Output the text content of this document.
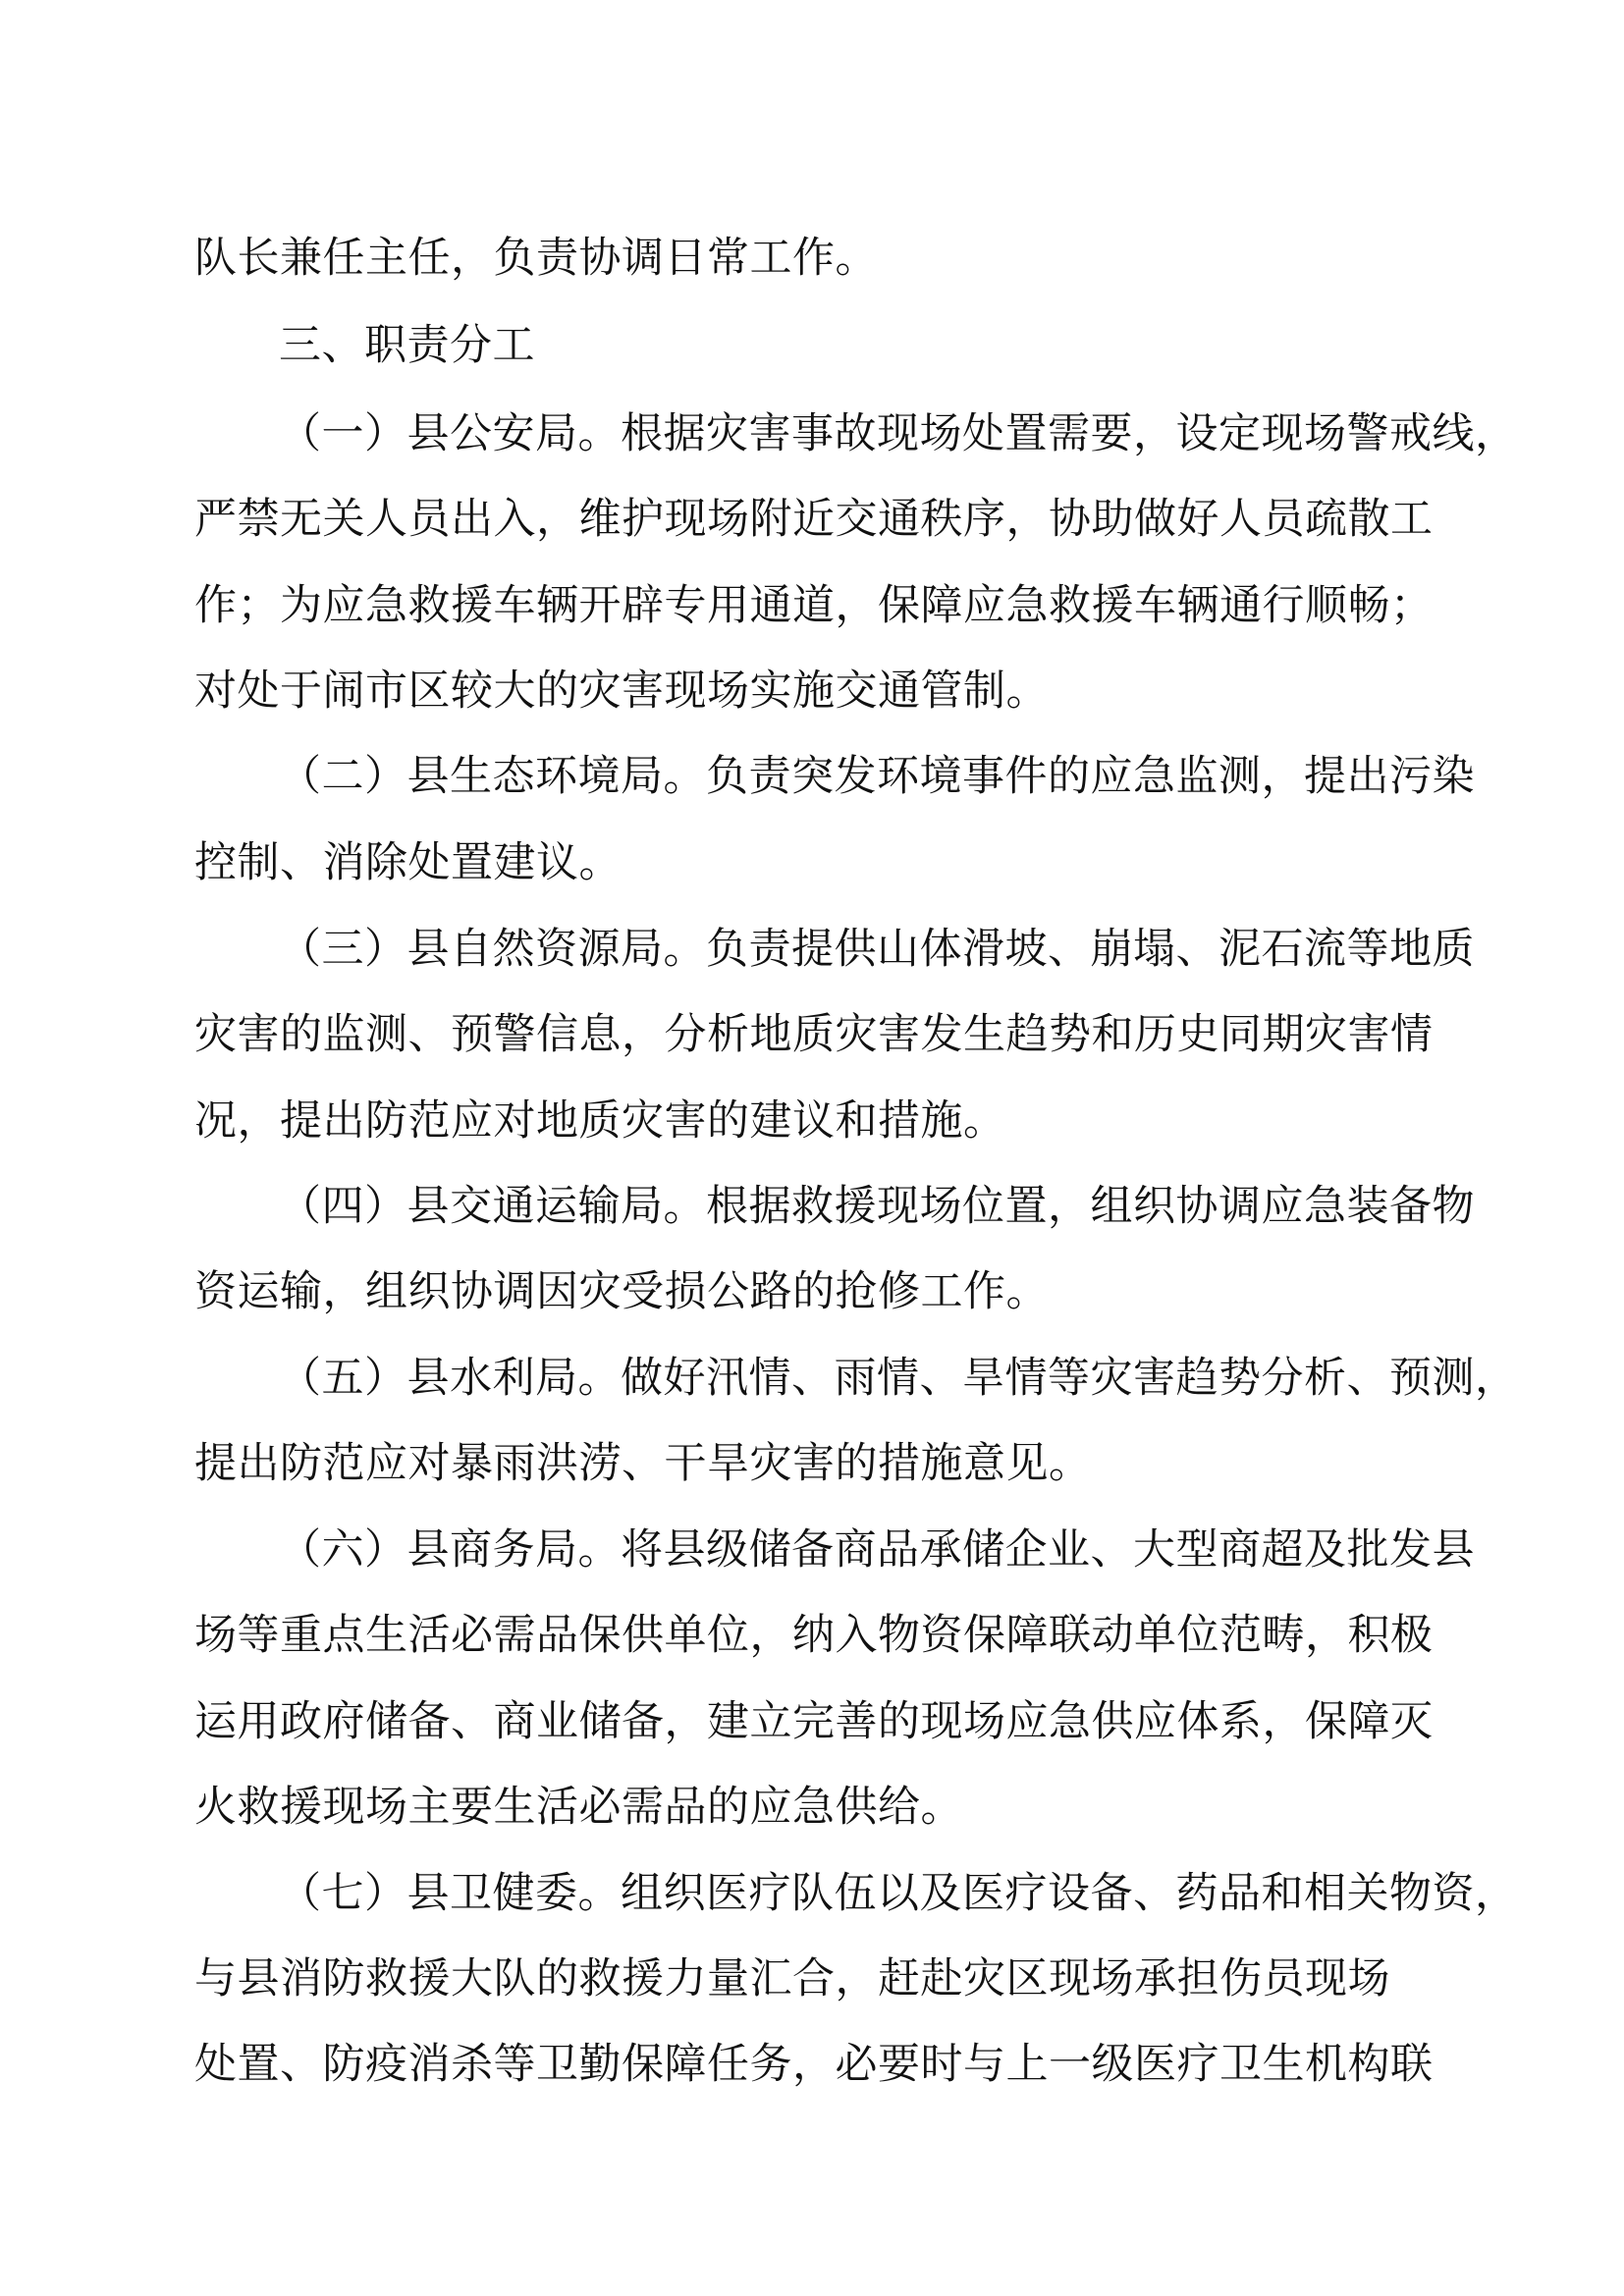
队长兼任主任，负责协调日常工作。
三、职责分工
（一）县公安局。根据灾害事故现场处置需要，设定现场警戒线，
严禁无关人员出入，维护现场附近交通秩序，协助做好人员疏散工
作；为应急救援车辆开辟专用通道，保障应急救援车辆通行顺畅；
对处于闹市区较大的灾害现场实施交通管制。
（二）县生态环境局。负责突发环境事件的应急监测，提出污染
控制、消除处置建议。
（三）县自然资源局。负责提供山体滑坡、崩塌、泥石流等地质
灾害的监测、预警信息，分析地质灾害发生趋势和历史同期灾害情
况，提出防范应对地质灾害的建议和措施。
（四）县交通运输局。根据救援现场位置，组织协调应急装备物
资运输，组织协调因灾受损公路的抢修工作。
（五）县水利局。做好汛情、雨情、旱情等灾害趋势分析、预测，
提出防范应对暴雨洪涝、干旱灾害的措施意见。
（六）县商务局。将县级储备商品承储企业、大型商超及批发县
场等重点生活必需品保供单位，纳入物资保障联动单位范畴，积极
运用政府储备、商业储备，建立完善的现场应急供应体系，保障灭
火救援现场主要生活必需品的应急供给。
（七）县卫健委。组织医疗队伍以及医疗设备、药品和相关物资，
与县消防救援大队的救援力量汇合，赶赴灾区现场承担伤员现场
处置、防疫消杀等卫勤保障任务，必要时与上一级医疗卫生机构联
